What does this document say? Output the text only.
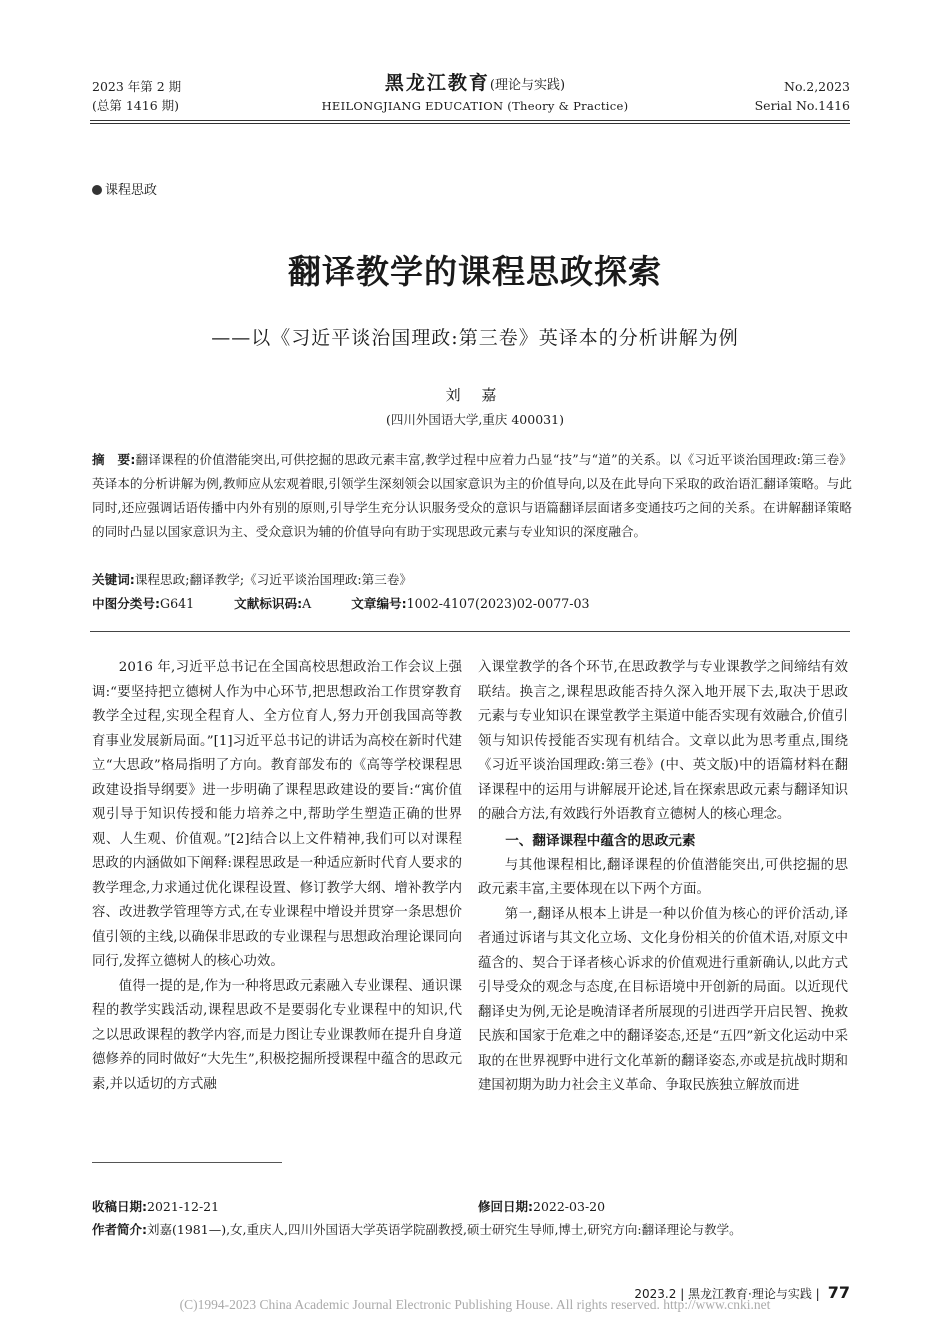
2023 年第 2 期
(总第 1416 期)
黑龙江教育(理论与实践)
HEILONGJIANG EDUCATION (Theory & Practice)
No.2,2023
Serial No.1416
课程思政
翻译教学的课程思政探索
——以《习近平谈治国理政:第三卷》英译本的分析讲解为例
刘 嘉
(四川外国语大学,重庆 400031)
摘　要:翻译课程的价值潜能突出,可供挖掘的思政元素丰富,教学过程中应着力凸显“技”与“道”的关系。以《习近平谈治国理政:第三卷》英译本的分析讲解为例,教师应从宏观着眼,引领学生深刻领会以国家意识为主的价值导向,以及在此导向下采取的政治语汇翻译策略。与此同时,还应强调话语传播中内外有别的原则,引导学生充分认识服务受众的意识与语篇翻译层面诸多变通技巧之间的关系。在讲解翻译策略的同时凸显以国家意识为主、受众意识为辅的价值导向有助于实现思政元素与专业知识的深度融合。
关键词:课程思政;翻译教学;《习近平谈治国理政:第三卷》
中图分类号:G641	文献标识码:A	文章编号:1002-4107(2023)02-0077-03

2016 年,习近平总书记在全国高校思想政治工作会议上强调:“要坚持把立德树人作为中心环节,把思想政治工作贯穿教育教学全过程,实现全程育人、全方位育人,努力开创我国高等教育事业发展新局面。”[1]习近平总书记的讲话为高校在新时代建立“大思政”格局指明了方向。教育部发布的《高等学校课程思政建设指导纲要》进一步明确了课程思政建设的要旨:“寓价值观引导于知识传授和能力培养之中,帮助学生塑造正确的世界观、人生观、价值观。”[2]结合以上文件精神,我们可以对课程思政的内涵做如下阐释:课程思政是一种适应新时代育人要求的教学理念,力求通过优化课程设置、修订教学大纲、增补教学内容、改进教学管理等方式,在专业课程中增设并贯穿一条思想价值引领的主线,以确保非思政的专业课程与思想政治理论课同向同行,发挥立德树人的核心功效。

值得一提的是,作为一种将思政元素融入专业课程、通识课程的教学实践活动,课程思政不是要弱化专业课程中的知识,代之以思政课程的教学内容,而是力图让专业课教师在提升自身道德修养的同时做好“大先生”,积极挖掘所授课程中蕴含的思政元素,并以适切的方式融

入课堂教学的各个环节,在思政教学与专业课教学之间缔结有效联结。换言之,课程思政能否持久深入地开展下去,取决于思政元素与专业知识在课堂教学主渠道中能否实现有效融合,价值引领与知识传授能否实现有机结合。文章以此为思考重点,围绕《习近平谈治国理政:第三卷》(中、英文版)中的语篇材料在翻译课程中的运用与讲解展开论述,旨在探索思政元素与翻译知识的融合方法,有效践行外语教育立德树人的核心理念。

一、翻译课程中蕴含的思政元素

与其他课程相比,翻译课程的价值潜能突出,可供挖掘的思政元素丰富,主要体现在以下两个方面。

第一,翻译从根本上讲是一种以价值为核心的评价活动,译者通过诉诸与其文化立场、文化身份相关的价值术语,对原文中蕴含的、契合于译者核心诉求的价值观进行重新确认,以此方式引导受众的观念与态度,在目标语境中开创新的局面。以近现代翻译史为例,无论是晚清译者所展现的引进西学开启民智、挽救民族和国家于危难之中的翻译姿态,还是“五四”新文化运动中采取的在世界视野中进行文化革新的翻译姿态,亦或是抗战时期和建国初期为助力社会主义革命、争取民族独立解放而进

收稿日期:2021-12-21	修回日期:2022-03-20
作者简介:刘嘉(1981—),女,重庆人,四川外国语大学英语学院副教授,硕士研究生导师,博士,研究方向:翻译理论与教学。
2023.2 | 黑龙江教育·理论与实践 | 77
(C)1994-2023 China Academic Journal Electronic Publishing House. All rights reserved. http://www.cnki.net
